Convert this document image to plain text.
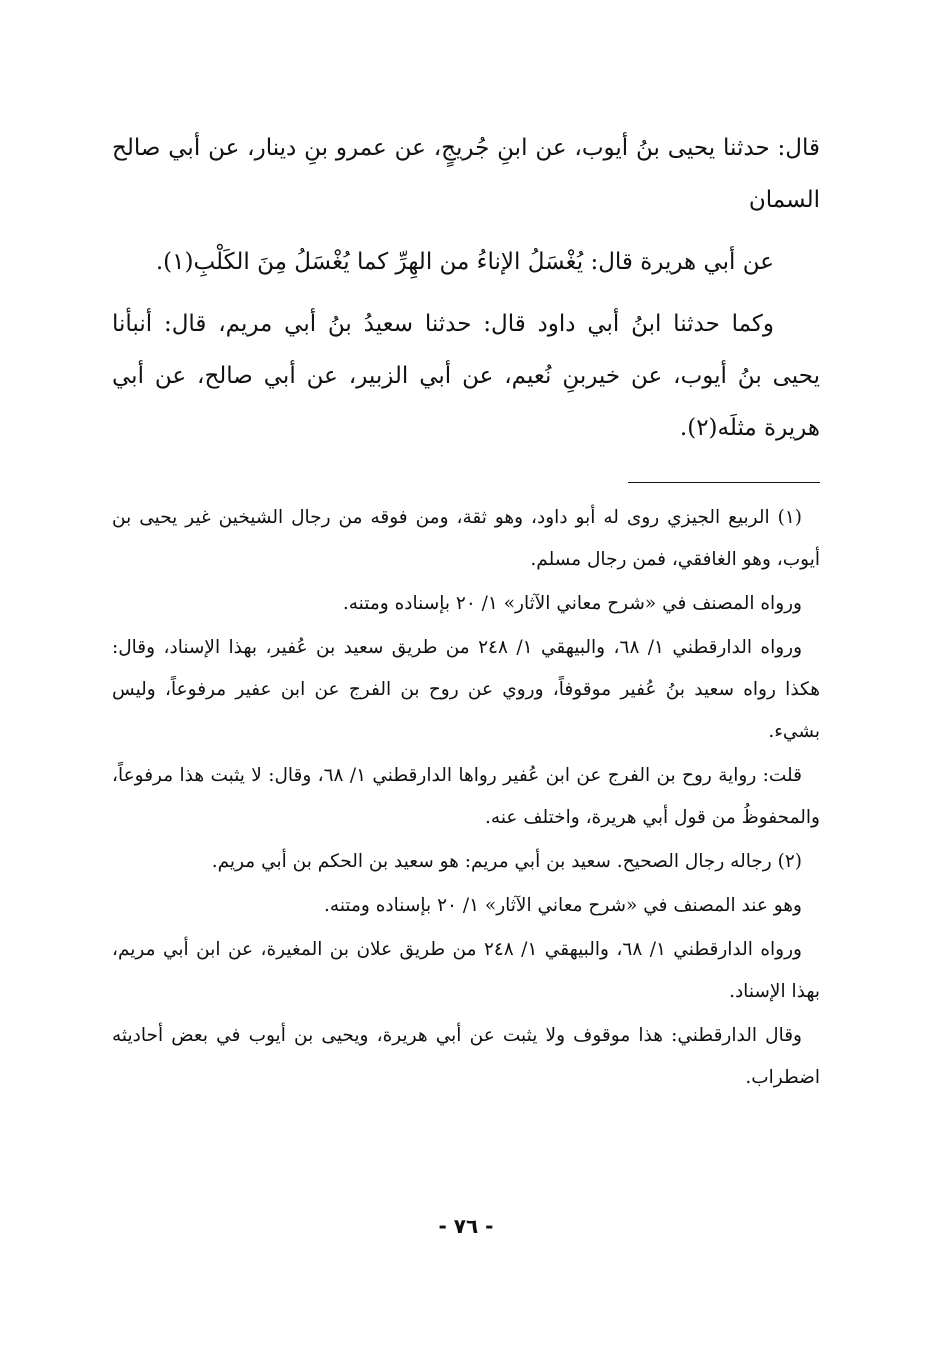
قال: حدثنا يحيى بنُ أيوب، عن ابنِ جُريجٍ، عن عمرو بنِ دينار، عن أبي صالح السمان

عن أبي هريرة قال: يُغْسَلُ الإناءُ من الهِرِّ كما يُغْسَلُ مِنَ الكَلْبِ(١).

وكما حدثنا ابنُ أبي داود قال: حدثنا سعيدُ بنُ أبي مريم، قال: أنبأنا يحيى بنُ أيوب، عن خيربنِ نُعيم، عن أبي الزبير، عن أبي صالح، عن أبي هريرة مثلَه(٢).

(١) الربيع الجيزي روى له أبو داود، وهو ثقة، ومن فوقه من رجال الشيخين غير يحيى بن أيوب، وهو الغافقي، فمن رجال مسلم.

ورواه المصنف في «شرح معاني الآثار» ١/ ٢٠ بإسناده ومتنه.

ورواه الدارقطني ١/ ٦٨، والبيهقي ١/ ٢٤٨ من طريق سعيد بن عُفير، بهذا الإسناد، وقال: هكذا رواه سعيد بنُ عُفير موقوفاً، وروي عن روح بن الفرج عن ابن عفير مرفوعاً، وليس بشيء.

قلت: رواية روح بن الفرج عن ابن عُفير رواها الدارقطني ١/ ٦٨، وقال: لا يثبت هذا مرفوعاً، والمحفوظُ من قول أبي هريرة، واختلف عنه.

(٢) رجاله رجال الصحيح. سعيد بن أبي مريم: هو سعيد بن الحكم بن أبي مريم.

وهو عند المصنف في «شرح معاني الآثار» ١/ ٢٠ بإسناده ومتنه.

ورواه الدارقطني ١/ ٦٨، والبيهقي ١/ ٢٤٨ من طريق علان بن المغيرة، عن ابن أبي مريم، بهذا الإسناد.

وقال الدارقطني: هذا موقوف ولا يثبت عن أبي هريرة، ويحيى بن أيوب في بعض أحاديثه اضطراب.

- ٧٦ -
